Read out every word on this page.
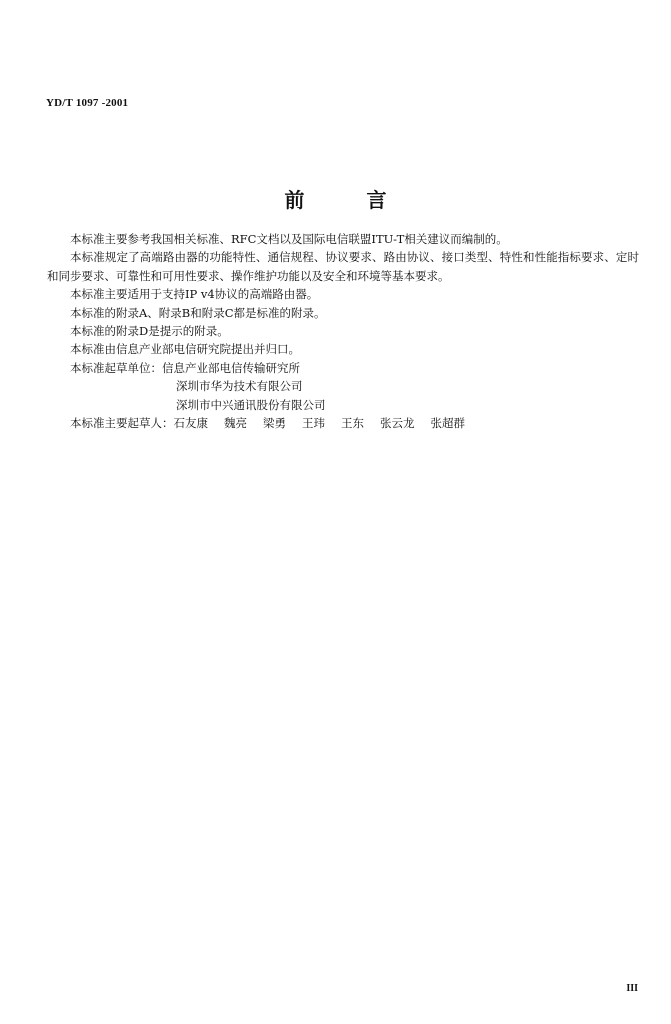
YD/T 1097 -2001
前	言

本标准主要参考我国相关标准、RFC文档以及国际电信联盟ITU-T相关建议而编制的。

本标准规定了高端路由器的功能特性、通信规程、协议要求、路由协议、接口类型、特性和性能指标要求、定时和同步要求、可靠性和可用性要求、操作维护功能以及安全和环境等基本要求。

本标准主要适用于支持IP v4协议的高端路由器。

本标准的附录A、附录B和附录C都是标准的附录。

本标准的附录D是提示的附录。

本标准由信息产业部电信研究院提出并归口。

本标准起草单位： 信息产业部电信传输研究所
深圳市华为技术有限公司
深圳市中兴通讯股份有限公司

本标准主要起草人：石友康 魏亮 梁勇 王玮 王东 张云龙 张超群

III
